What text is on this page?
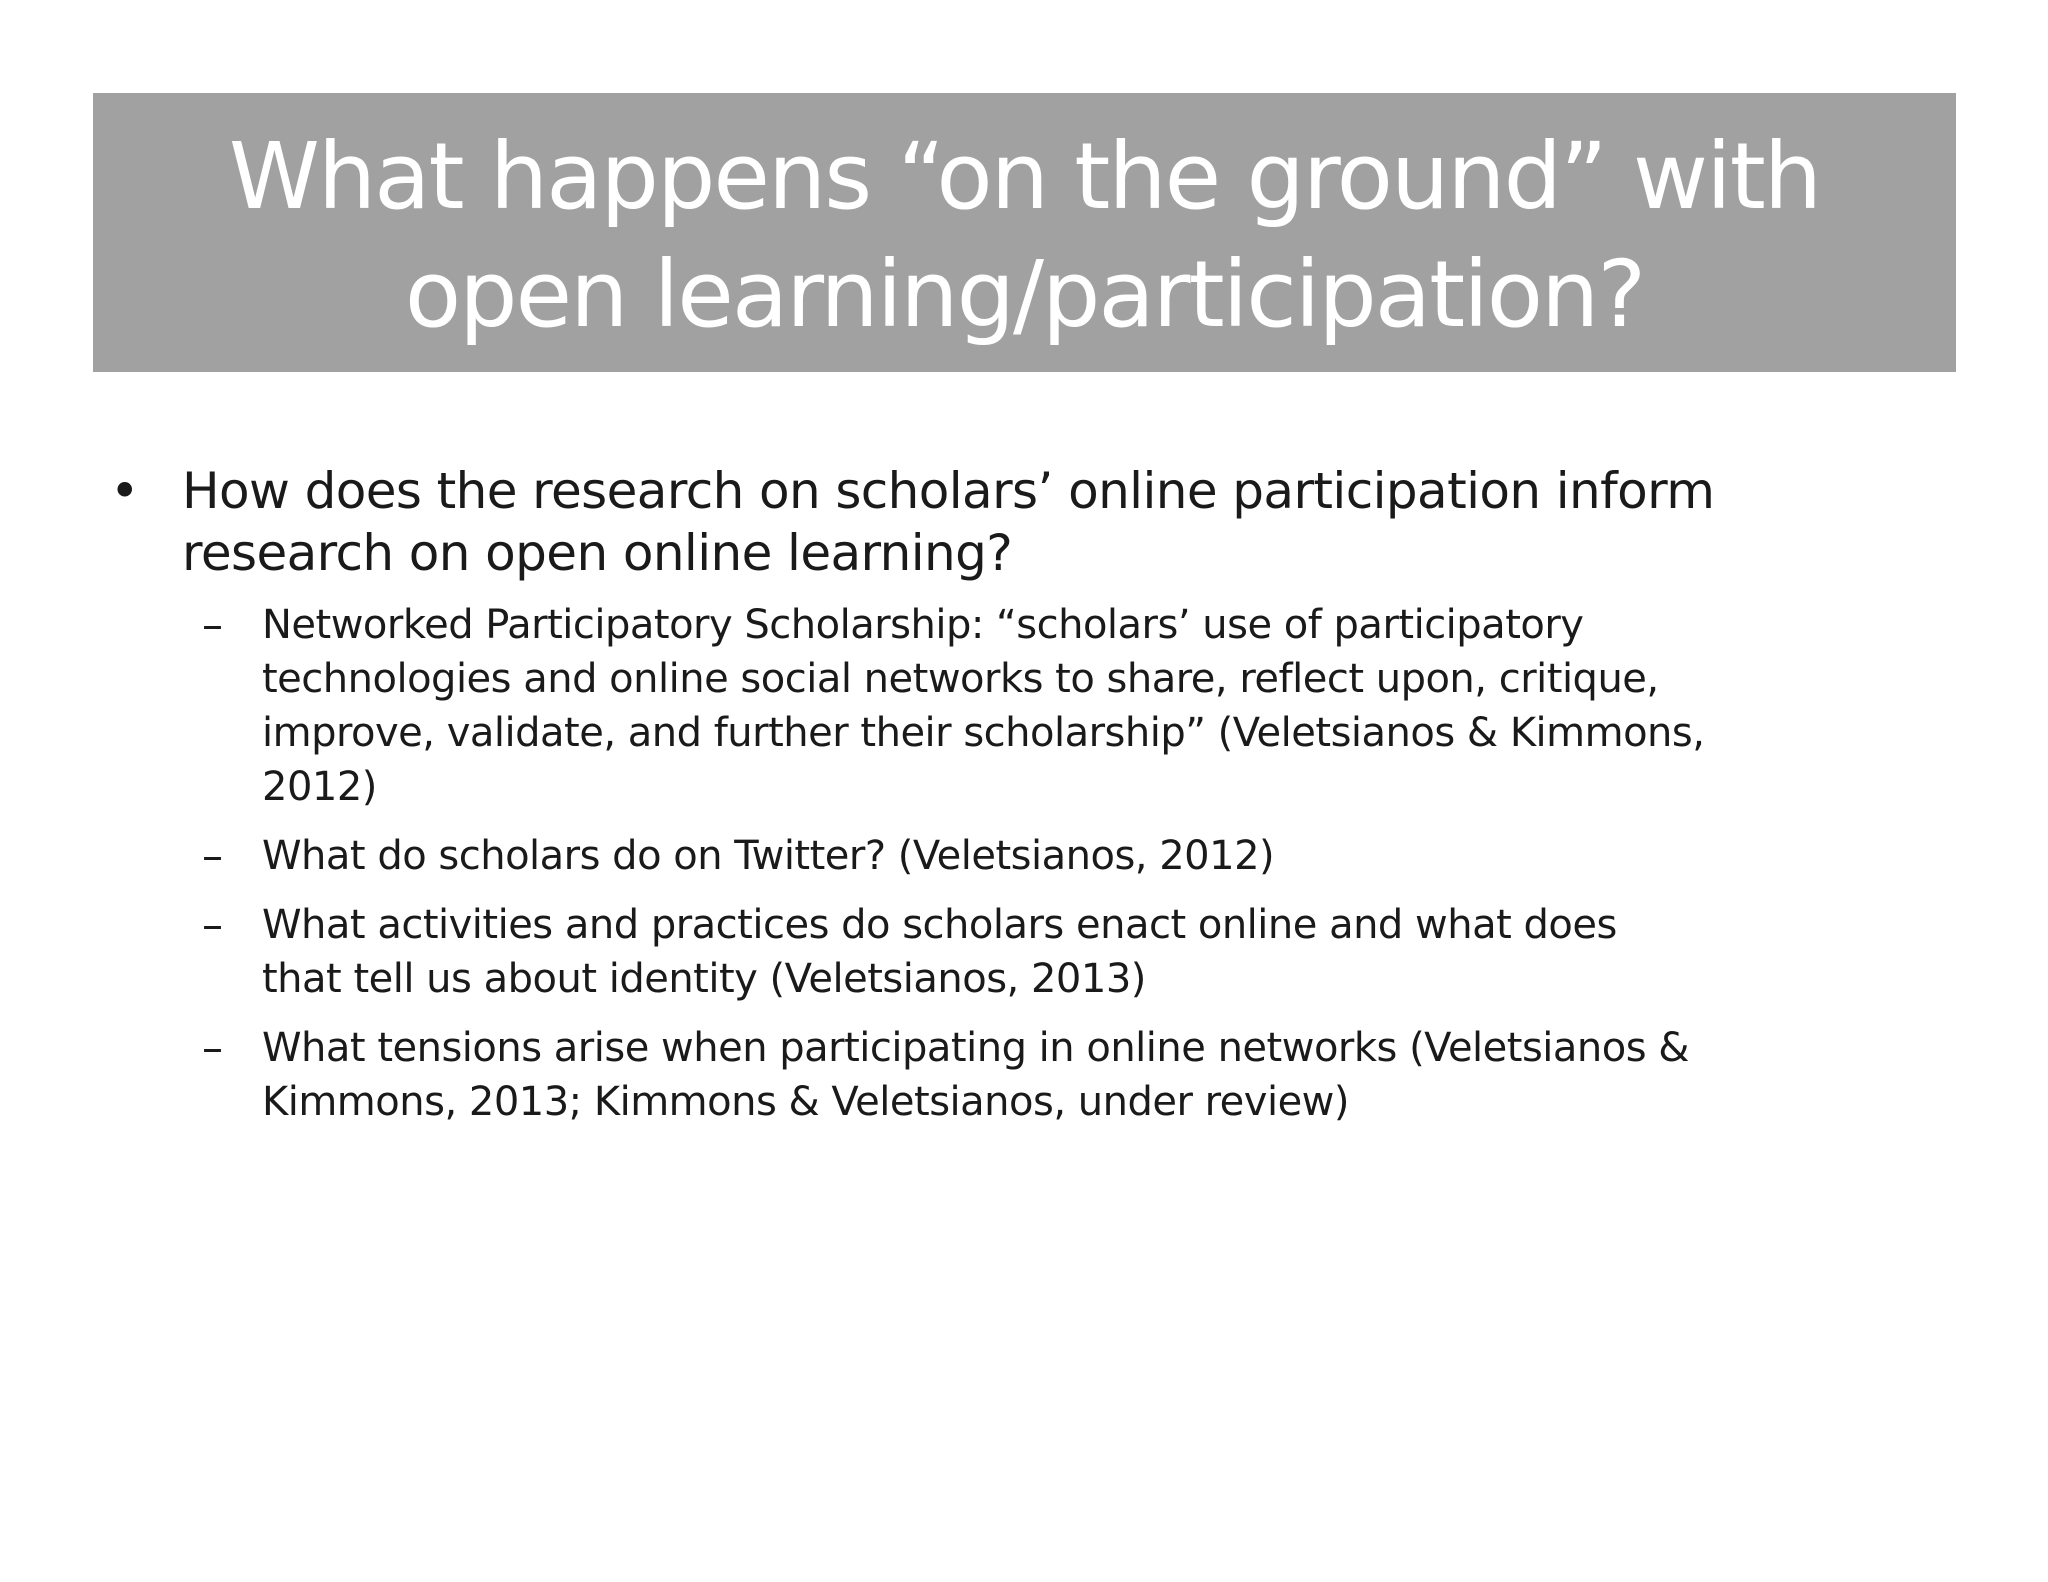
What happens “on the ground” with
open learning/participation?
• How does the research on scholars’ online participation inform
research on open online learning?
– Networked Participatory Scholarship: “scholars’ use of participatory
technologies and online social networks to share, reflect upon, critique,
improve, validate, and further their scholarship” (Veletsianos & Kimmons,
2012)
– What do scholars do on Twitter? (Veletsianos, 2012)
– What activities and practices do scholars enact online and what does
that tell us about identity (Veletsianos, 2013)
– What tensions arise when participating in online networks (Veletsianos &
Kimmons, 2013; Kimmons & Veletsianos, under review)
